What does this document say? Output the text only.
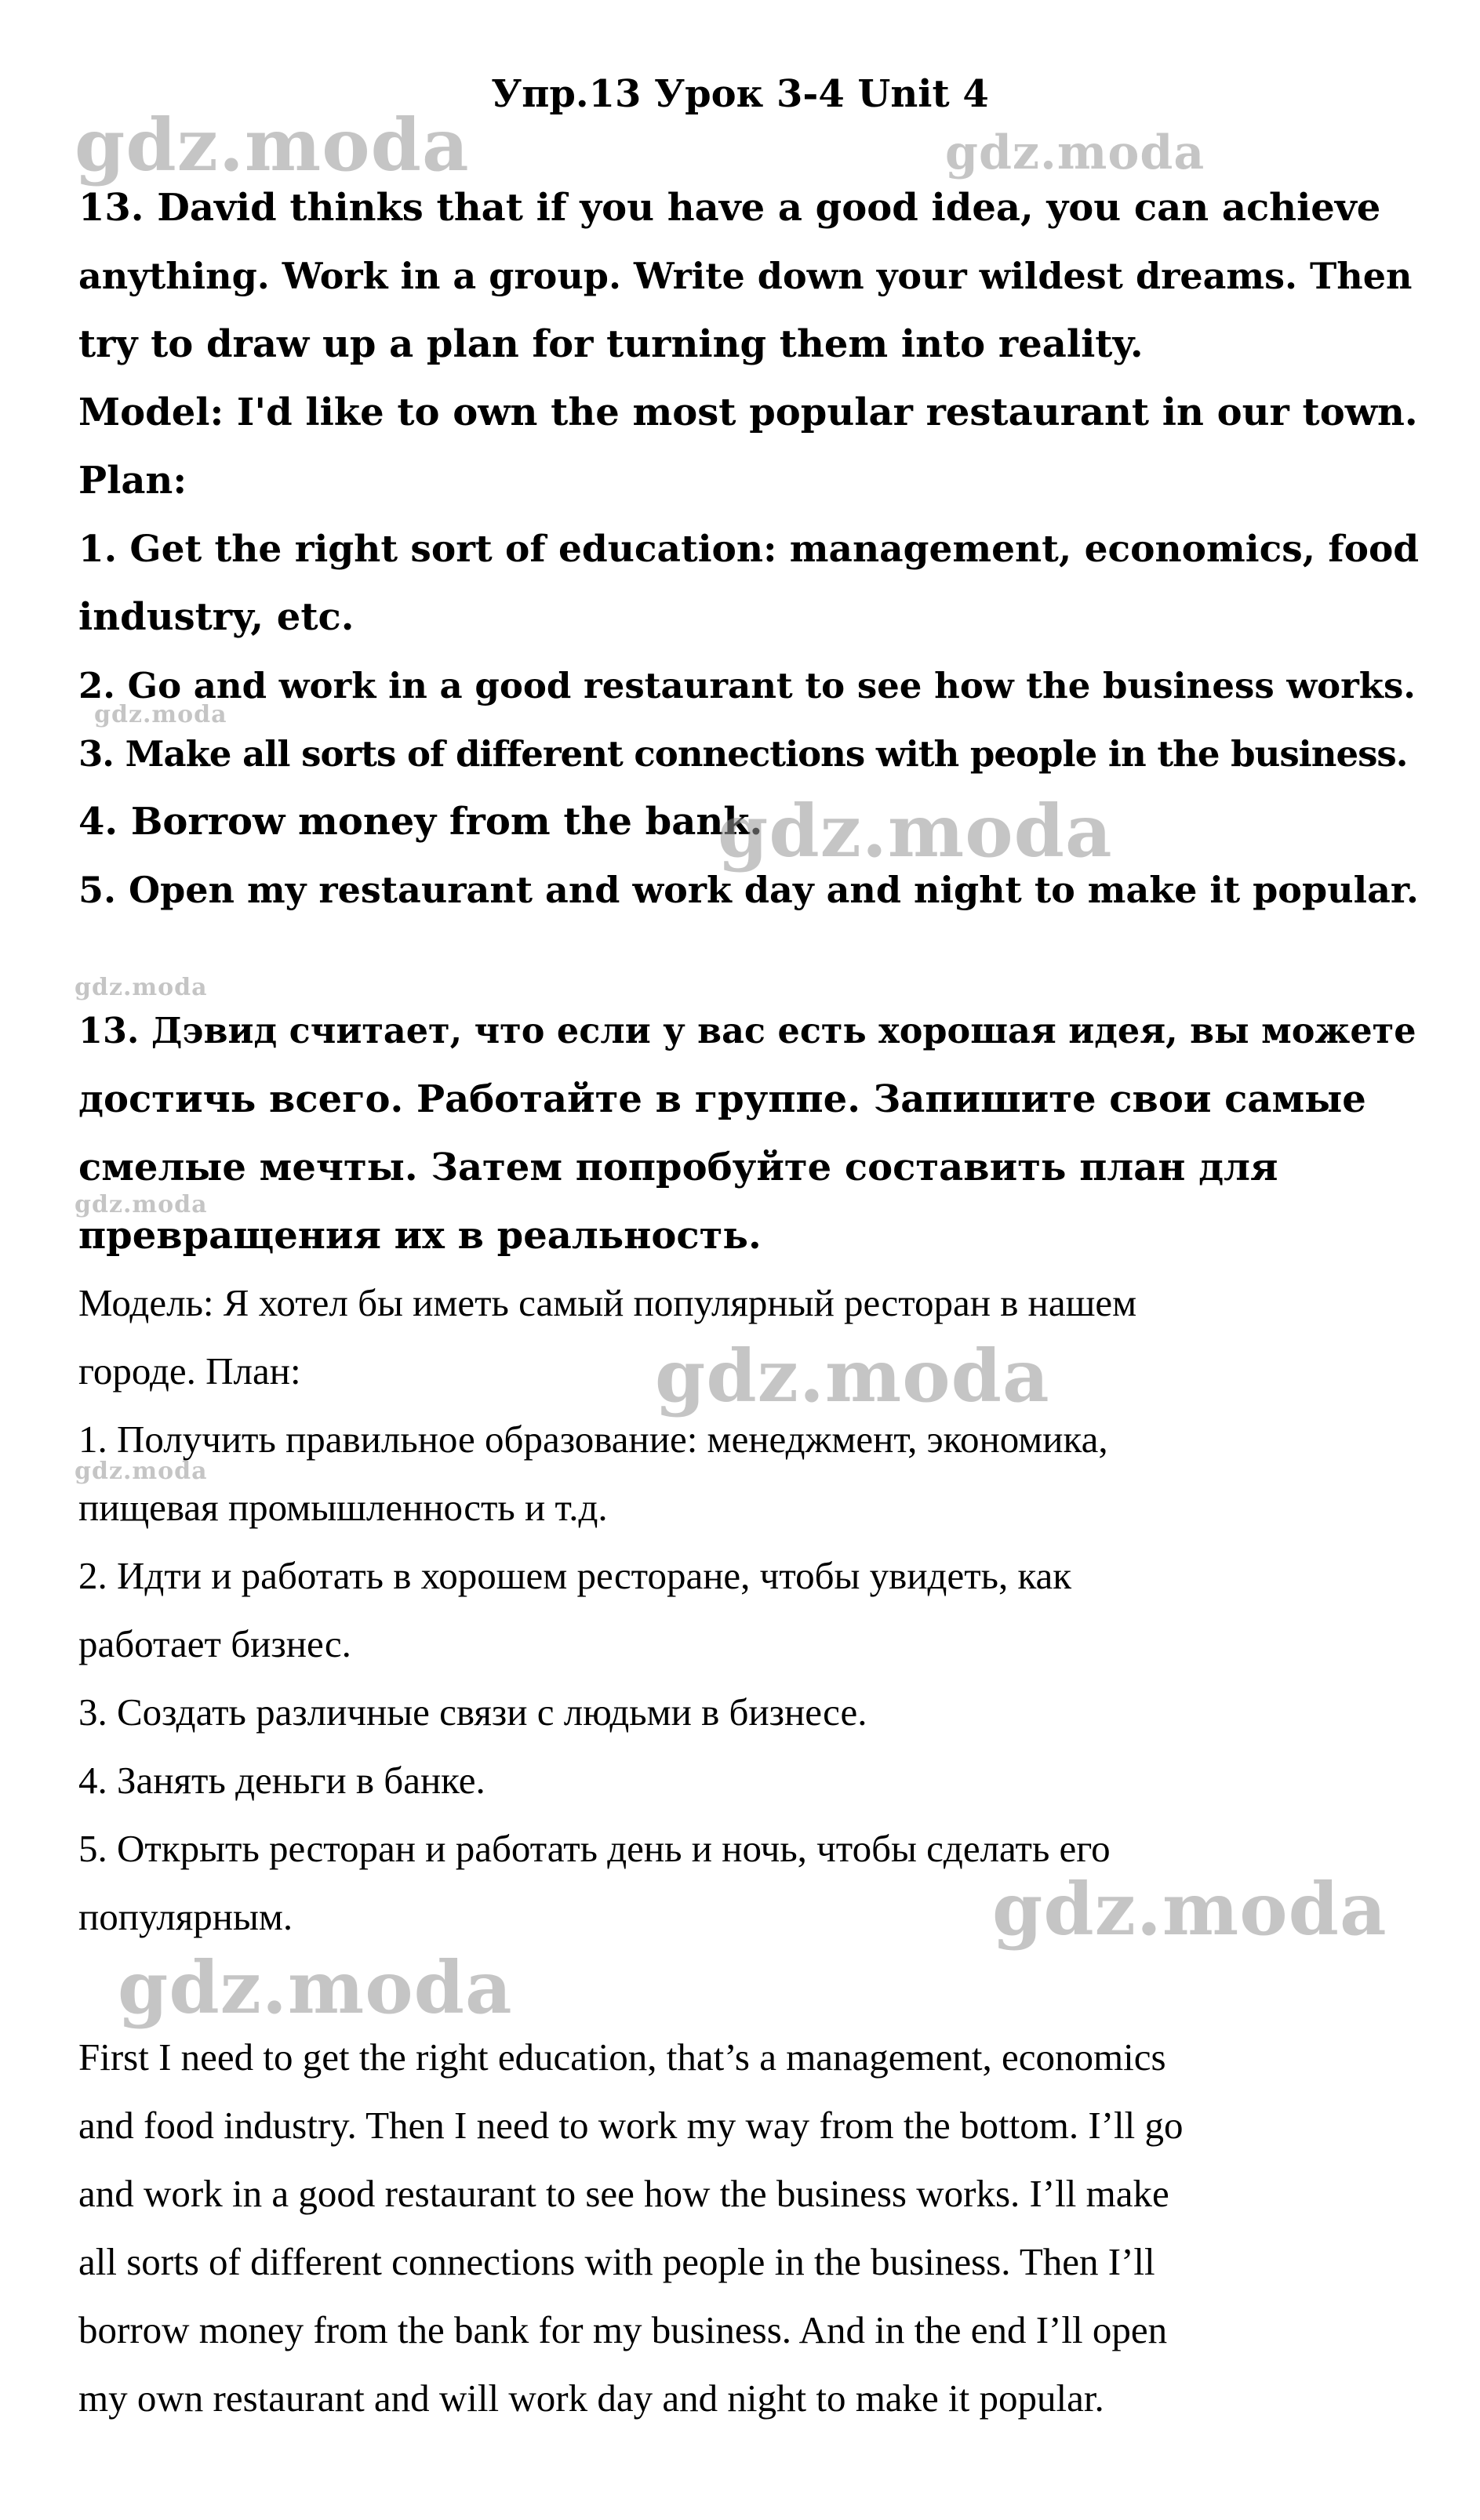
Упр.13 Урок 3-4 Unit 4
13. David thinks that if you have a good idea, you can achieve
anything. Work in a group. Write down your wildest dreams. Then
try to draw up a plan for turning them into reality.
Model: I'd like to own the most popular restaurant in our town.
Plan:
1. Get the right sort of education: management, economics, food
industry, etc.
2. Go and work in a good restaurant to see how the business works.
3. Make all sorts of different connections with people in the business.
4. Borrow money from the bank.
5. Open my restaurant and work day and night to make it popular.
13. Дэвид считает, что если у вас есть хорошая идея, вы можете
достичь всего. Работайте в группе. Запишите свои самые
смелые мечты. Затем попробуйте составить план для
превращения их в реальность.
Модель: Я хотел бы иметь самый популярный ресторан в нашем
городе. План:
1. Получить правильное образование: менеджмент, экономика,
пищевая промышленность и т.д.
2. Идти и работать в хорошем ресторане, чтобы увидеть, как
работает бизнес.
3. Создать различные связи с людьми в бизнесе.
4. Занять деньги в банке.
5. Открыть ресторан и работать день и ночь, чтобы сделать его
популярным.
First I need to get the right education, that’s a management, economics
and food industry. Then I need to work my way from the bottom. I’ll go
and work in a good restaurant to see how the business works. I’ll make
all sorts of different connections with people in the business. Then I’ll
borrow money from the bank for my business. And in the end I’ll open
my own restaurant and will work day and night to make it popular.
gdz.moda	gdz.moda
gdz.moda
gdz.moda
gdz.moda
gdz.moda
gdz.moda
gdz.moda
gdz.moda
gdz.moda
